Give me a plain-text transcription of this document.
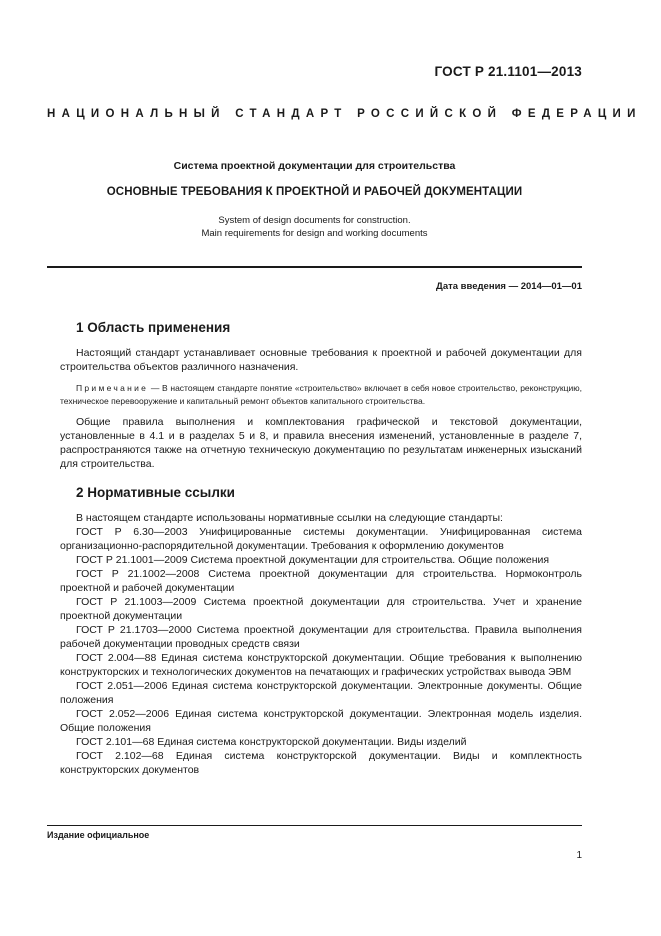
ГОСТ Р 21.1101—2013
НАЦИОНАЛЬНЫЙ СТАНДАРТ РОССИЙСКОЙ ФЕДЕРАЦИИ
Система проектной документации для строительства
ОСНОВНЫЕ ТРЕБОВАНИЯ К ПРОЕКТНОЙ И РАБОЧЕЙ ДОКУМЕНТАЦИИ
System of design documents for construction.
Main requirements for design and working documents
Дата введения — 2014—01—01
1 Область применения

Настоящий стандарт устанавливает основные требования к проектной и рабочей документации для строительства объектов различного назначения.

Примечание — В настоящем стандарте понятие «строительство» включает в себя новое строительство, реконструкцию, техническое перевооружение и капитальный ремонт объектов капитального строительства.

Общие правила выполнения и комплектования графической и текстовой документации, установленные в 4.1 и в разделах 5 и 8, и правила внесения изменений, установленные в разделе 7, распространяются также на отчетную техническую документацию по результатам инженерных изысканий для строительства.

2 Нормативные ссылки

В настоящем стандарте использованы нормативные ссылки на следующие стандарты:

ГОСТ Р 6.30—2003 Унифицированные системы документации. Унифицированная система организационно-распорядительной документации. Требования к оформлению документов

ГОСТ Р 21.1001—2009 Система проектной документации для строительства. Общие положения

ГОСТ Р 21.1002—2008 Система проектной документации для строительства. Нормоконтроль проектной и рабочей документации

ГОСТ Р 21.1003—2009 Система проектной документации для строительства. Учет и хранение проектной документации

ГОСТ Р 21.1703—2000 Система проектной документации для строительства. Правила выполнения рабочей документации проводных средств связи

ГОСТ 2.004—88 Единая система конструкторской документации. Общие требования к выполнению конструкторских и технологических документов на печатающих и графических устройствах вывода ЭВМ

ГОСТ 2.051—2006 Единая система конструкторской документации. Электронные документы. Общие положения

ГОСТ 2.052—2006 Единая система конструкторской документации. Электронная модель изделия. Общие положения

ГОСТ 2.101—68 Единая система конструкторской документации. Виды изделий

ГОСТ 2.102—68 Единая система конструкторской документации. Виды и комплектность конструкторских документов

Издание официальное
1
